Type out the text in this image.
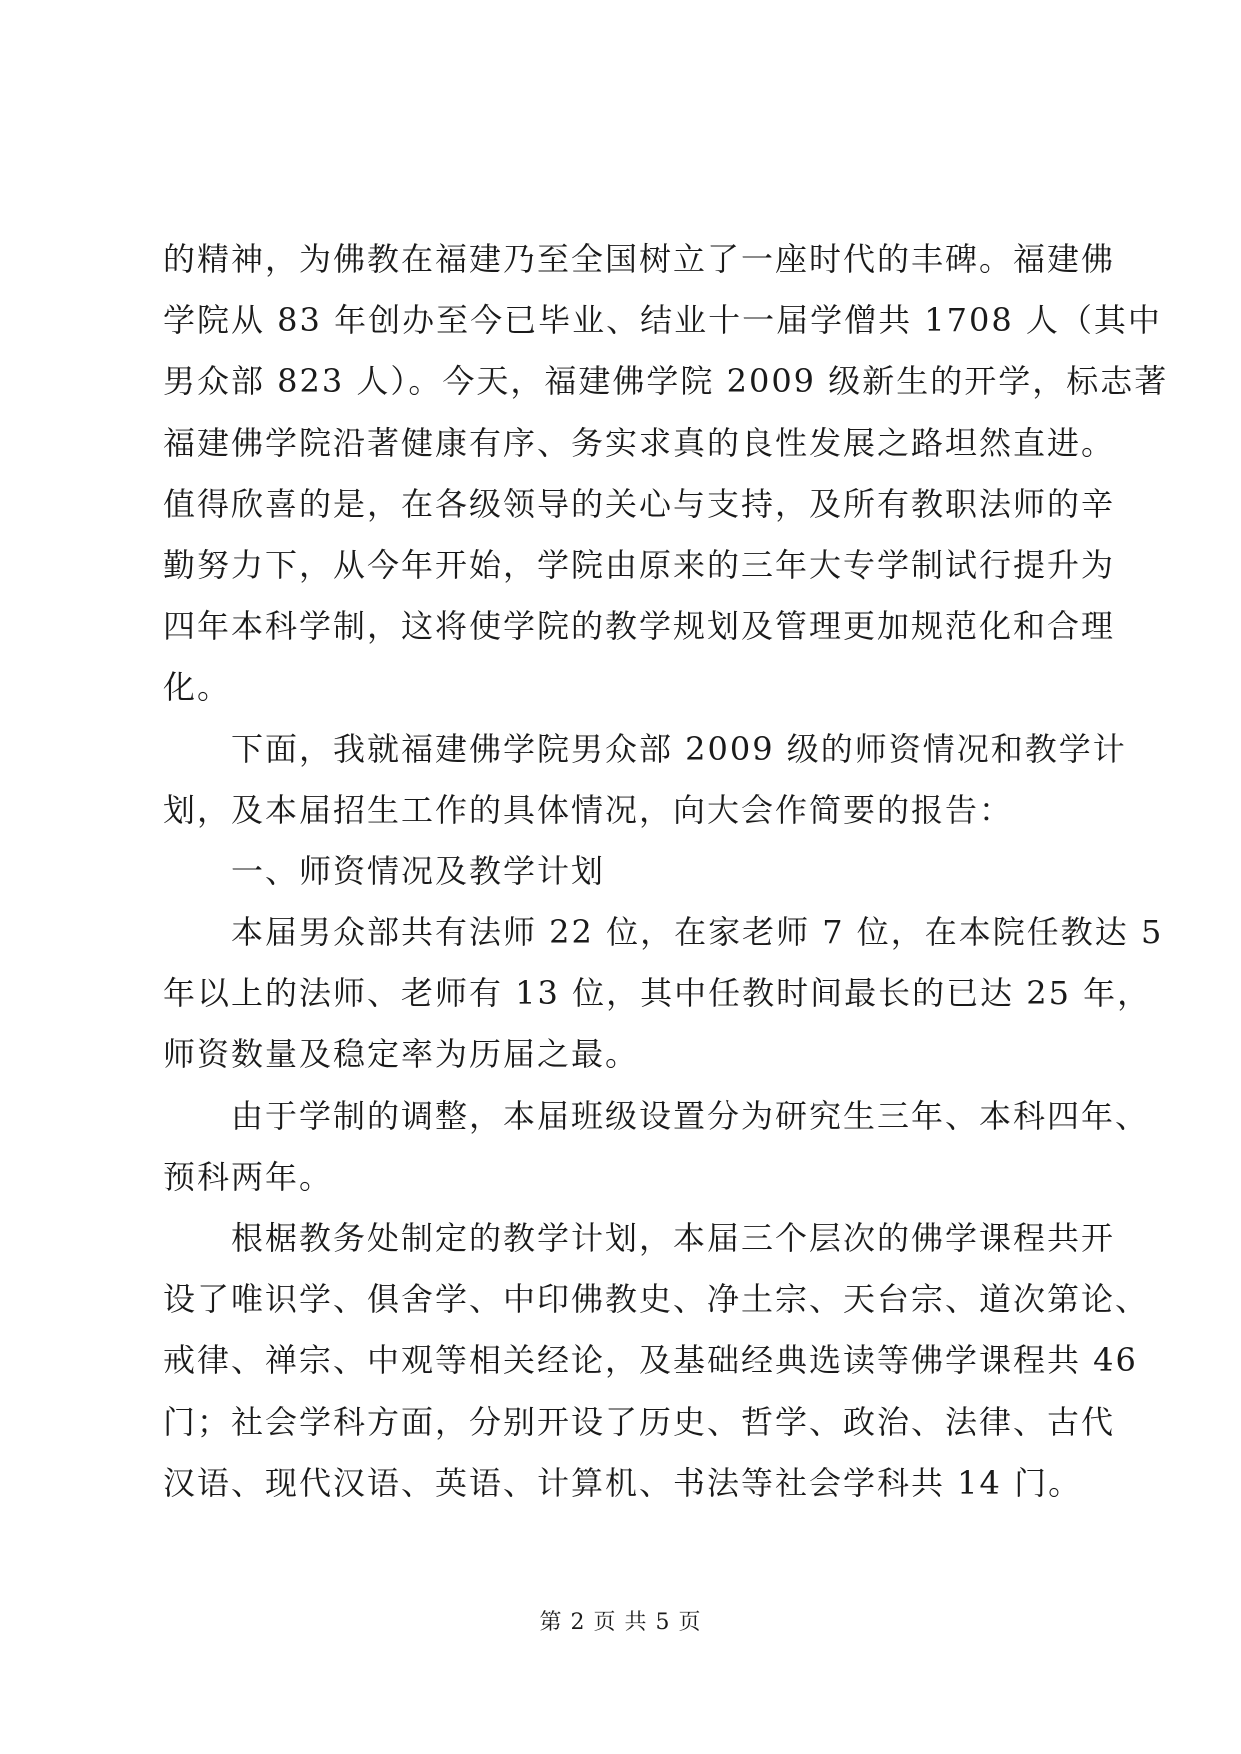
的精神，为佛教在福建乃至全国树立了一座时代的丰碑。福建佛
学院从 83 年创办至今已毕业、结业十一届学僧共 1708 人（其中
男众部 823 人）。今天，福建佛学院 2009 级新生的开学，标志著
福建佛学院沿著健康有序、务实求真的良性发展之路坦然直进。
值得欣喜的是，在各级领导的关心与支持，及所有教职法师的辛
勤努力下，从今年开始，学院由原来的三年大专学制试行提升为
四年本科学制，这将使学院的教学规划及管理更加规范化和合理
化。
下面，我就福建佛学院男众部 2009 级的师资情况和教学计
划，及本届招生工作的具体情况，向大会作简要的报告：
一、师资情况及教学计划
本届男众部共有法师 22 位，在家老师 7 位，在本院任教达 5
年以上的法师、老师有 13 位，其中任教时间最长的已达 25 年，
师资数量及稳定率为历届之最。
由于学制的调整，本届班级设置分为研究生三年、本科四年、
预科两年。
根椐教务处制定的教学计划，本届三个层次的佛学课程共开
设了唯识学、俱舍学、中印佛教史、净土宗、天台宗、道次第论、
戒律、禅宗、中观等相关经论，及基础经典选读等佛学课程共 46
门；社会学科方面，分别开设了历史、哲学、政治、法律、古代
汉语、现代汉语、英语、计算机、书法等社会学科共 14 门。
第 2 页 共 5 页
